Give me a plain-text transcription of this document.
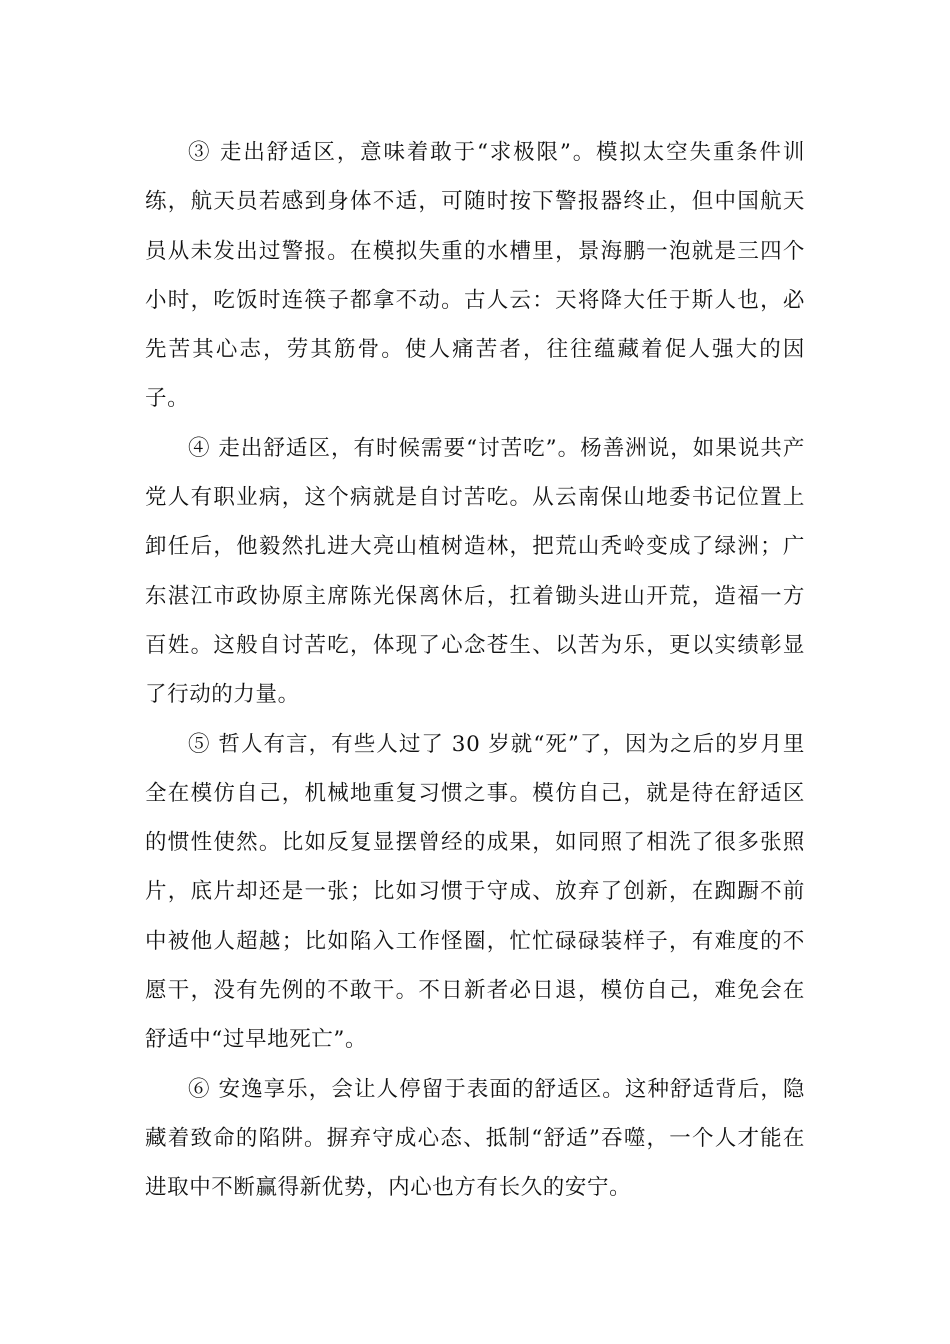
③ 走出舒适区，意味着敢于“求极限”。模拟太空失重条件训练，航天员若感到身体不适，可随时按下警报器终止，但中国航天员从未发出过警报。在模拟失重的水槽里，景海鹏一泡就是三四个小时，吃饭时连筷子都拿不动。古人云：天将降大任于斯人也，必先苦其心志，劳其筋骨。使人痛苦者，往往蕴藏着促人强大的因子。

④ 走出舒适区，有时候需要“讨苦吃”。杨善洲说，如果说共产党人有职业病，这个病就是自讨苦吃。从云南保山地委书记位置上卸任后，他毅然扎进大亮山植树造林，把荒山秃岭变成了绿洲；广东湛江市政协原主席陈光保离休后，扛着锄头进山开荒，造福一方百姓。这般自讨苦吃，体现了心念苍生、以苦为乐，更以实绩彰显了行动的力量。

⑤ 哲人有言，有些人过了 30 岁就“死”了，因为之后的岁月里全在模仿自己，机械地重复习惯之事。模仿自己，就是待在舒适区的惯性使然。比如反复显摆曾经的成果，如同照了相洗了很多张照片，底片却还是一张；比如习惯于守成、放弃了创新，在踟蹰不前中被他人超越；比如陷入工作怪圈，忙忙碌碌装样子，有难度的不愿干，没有先例的不敢干。不日新者必日退，模仿自己，难免会在舒适中“过早地死亡”。

⑥ 安逸享乐，会让人停留于表面的舒适区。这种舒适背后，隐藏着致命的陷阱。摒弃守成心态、抵制“舒适”吞噬，一个人才能在进取中不断赢得新优势，内心也方有长久的安宁。
